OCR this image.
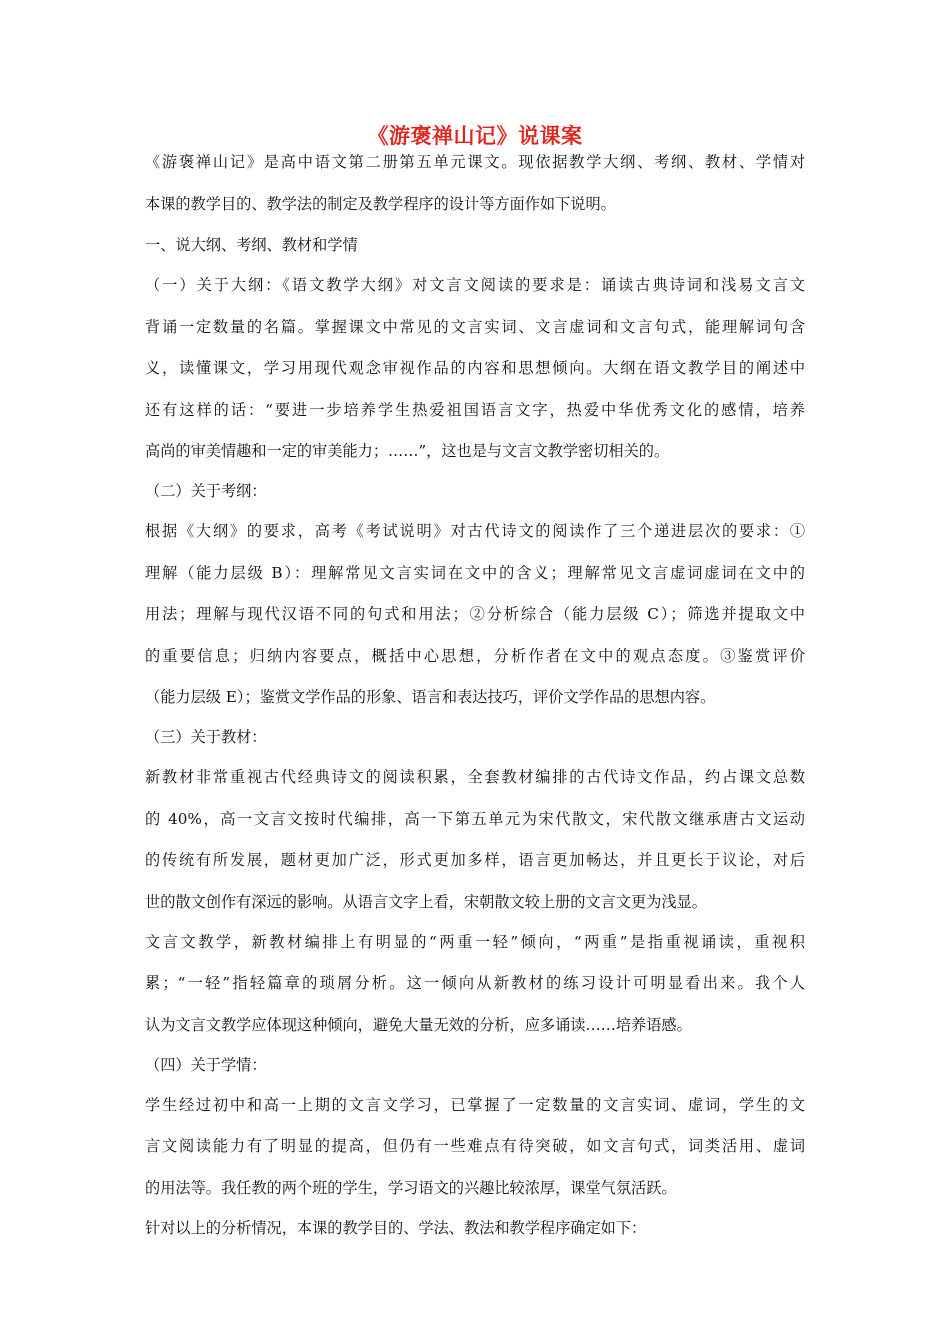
《游褒禅山记》说课案
《游褒禅山记》是高中语文第二册第五单元课文。现依据教学大纲、考纲、教材、学情对
本课的教学目的、教学法的制定及教学程序的设计等方面作如下说明。
一、说大纲、考纲、教材和学情
（一）关于大纲：《语文教学大纲》对文言文阅读的要求是：诵读古典诗词和浅易文言文
背诵一定数量的名篇。掌握课文中常见的文言实词、文言虚词和文言句式，能理解词句含
义，读懂课文，学习用现代观念审视作品的内容和思想倾向。大纲在语文教学目的阐述中
还有这样的话：“要进一步培养学生热爱祖国语言文字，热爱中华优秀文化的感情，培养
高尚的审美情趣和一定的审美能力；……”，这也是与文言文教学密切相关的。
（二）关于考纲：
根据《大纲》的要求，高考《考试说明》对古代诗文的阅读作了三个递进层次的要求：①
理解（能力层级 B）：理解常见文言实词在文中的含义；理解常见文言虚词虚词在文中的
用法；理解与现代汉语不同的句式和用法；②分析综合（能力层级 C）；筛选并提取文中
的重要信息；归纳内容要点，概括中心思想，分析作者在文中的观点态度。③鉴赏评价
（能力层级 E）；鉴赏文学作品的形象、语言和表达技巧，评价文学作品的思想内容。
（三）关于教材：
新教材非常重视古代经典诗文的阅读积累，全套教材编排的古代诗文作品，约占课文总数
的 40%，高一文言文按时代编排，高一下第五单元为宋代散文，宋代散文继承唐古文运动
的传统有所发展，题材更加广泛，形式更加多样，语言更加畅达，并且更长于议论，对后
世的散文创作有深远的影响。从语言文字上看，宋朝散文较上册的文言文更为浅显。
文言文教学，新教材编排上有明显的“两重一轻”倾向，“两重”是指重视诵读，重视积
累；“一轻”指轻篇章的琐屑分析。这一倾向从新教材的练习设计可明显看出来。我个人
认为文言文教学应体现这种倾向，避免大量无效的分析，应多诵读……培养语感。
（四）关于学情：
学生经过初中和高一上期的文言文学习，已掌握了一定数量的文言实词、虚词，学生的文
言文阅读能力有了明显的提高，但仍有一些难点有待突破，如文言句式，词类活用、虚词
的用法等。我任教的两个班的学生，学习语文的兴趣比较浓厚，课堂气氛活跃。
针对以上的分析情况，本课的教学目的、学法、教法和教学程序确定如下：
